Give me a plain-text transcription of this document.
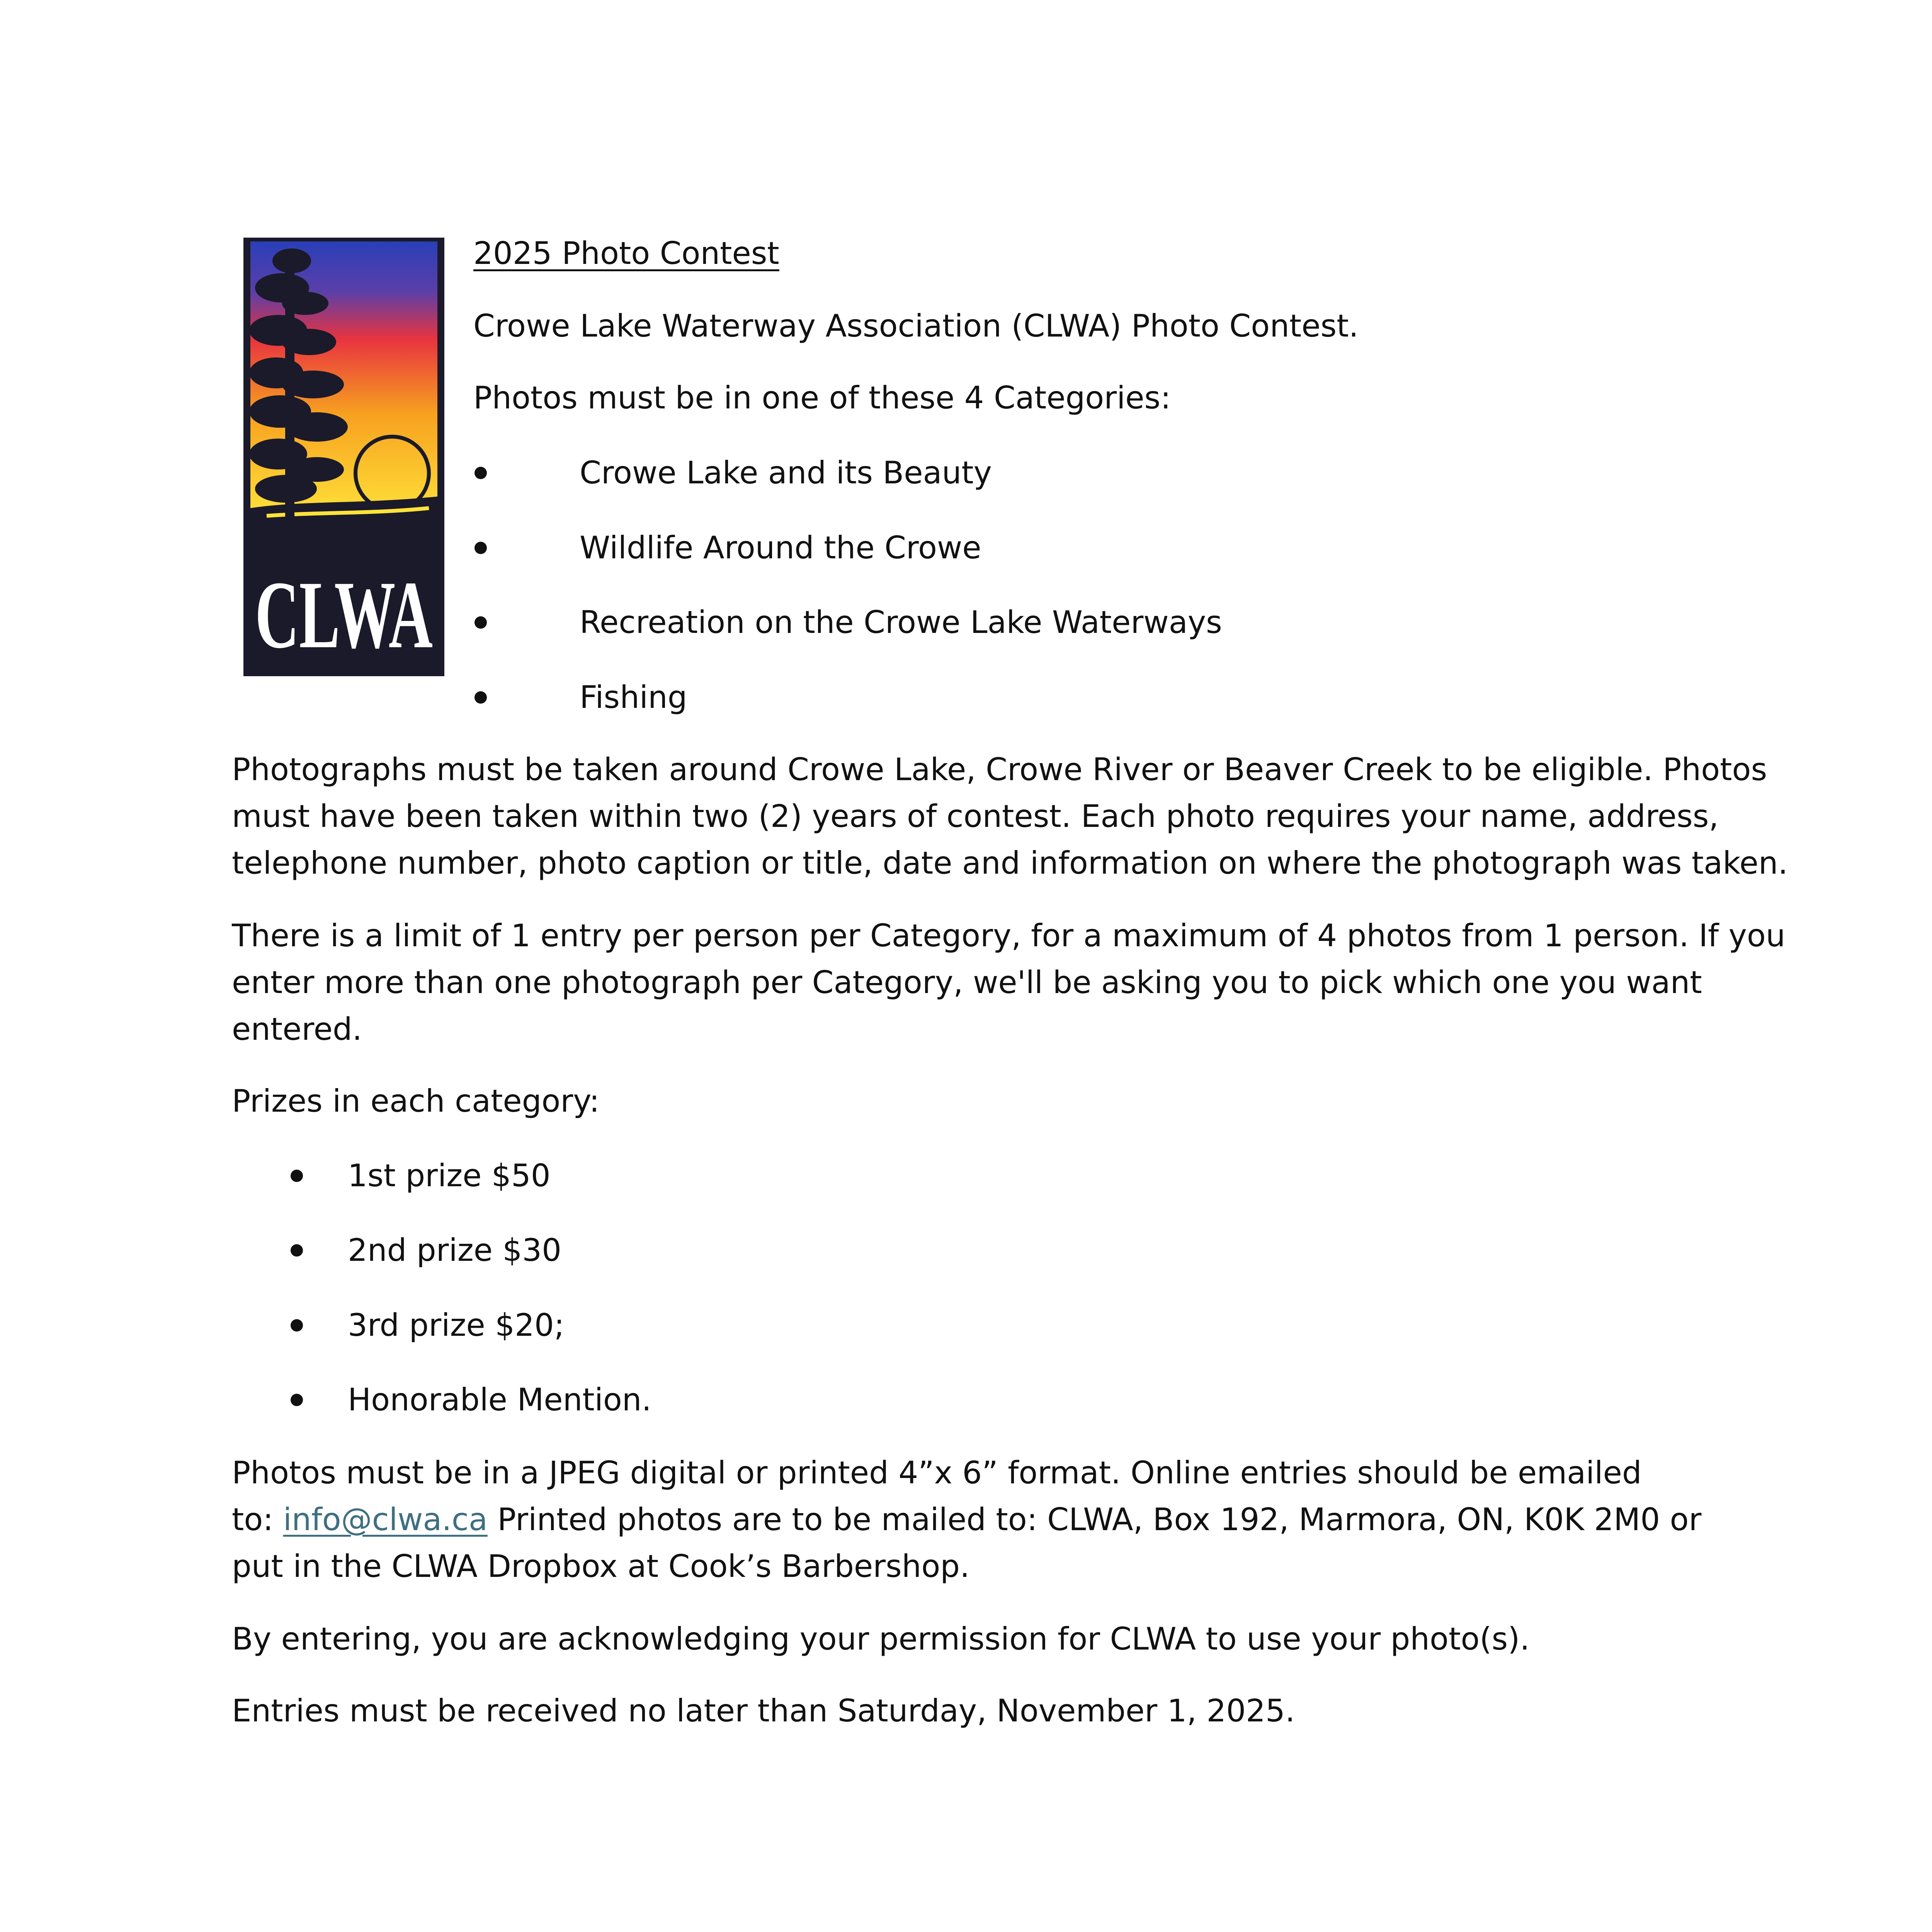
CLWA

2025 Photo Contest

Crowe Lake Waterway Association (CLWA) Photo Contest.

Photos must be in one of these 4 Categories:

Crowe Lake and its Beauty

Wildlife Around the Crowe

Recreation on the Crowe Lake Waterways

Fishing

Photographs must be taken around Crowe Lake, Crowe River or Beaver Creek to be eligible. Photos

must have been taken within two (2) years of contest. Each photo requires your name, address,

telephone number, photo caption or title, date and information on where the photograph was taken.

There is a limit of 1 entry per person per Category, for a maximum of 4 photos from 1 person. If you

enter more than one photograph per Category, we'll be asking you to pick which one you want

entered.

Prizes in each category:

1st prize $50

2nd prize $30

3rd prize $20;

Honorable Mention.

Photos must be in a JPEG digital or printed 4”x 6” format. Online entries should be emailed

to: info@clwa.ca Printed photos are to be mailed to: CLWA, Box 192, Marmora, ON, K0K 2M0 or

put in the CLWA Dropbox at Cook’s Barbershop.

By entering, you are acknowledging your permission for CLWA to use your photo(s).

Entries must be received no later than Saturday, November 1, 2025.
